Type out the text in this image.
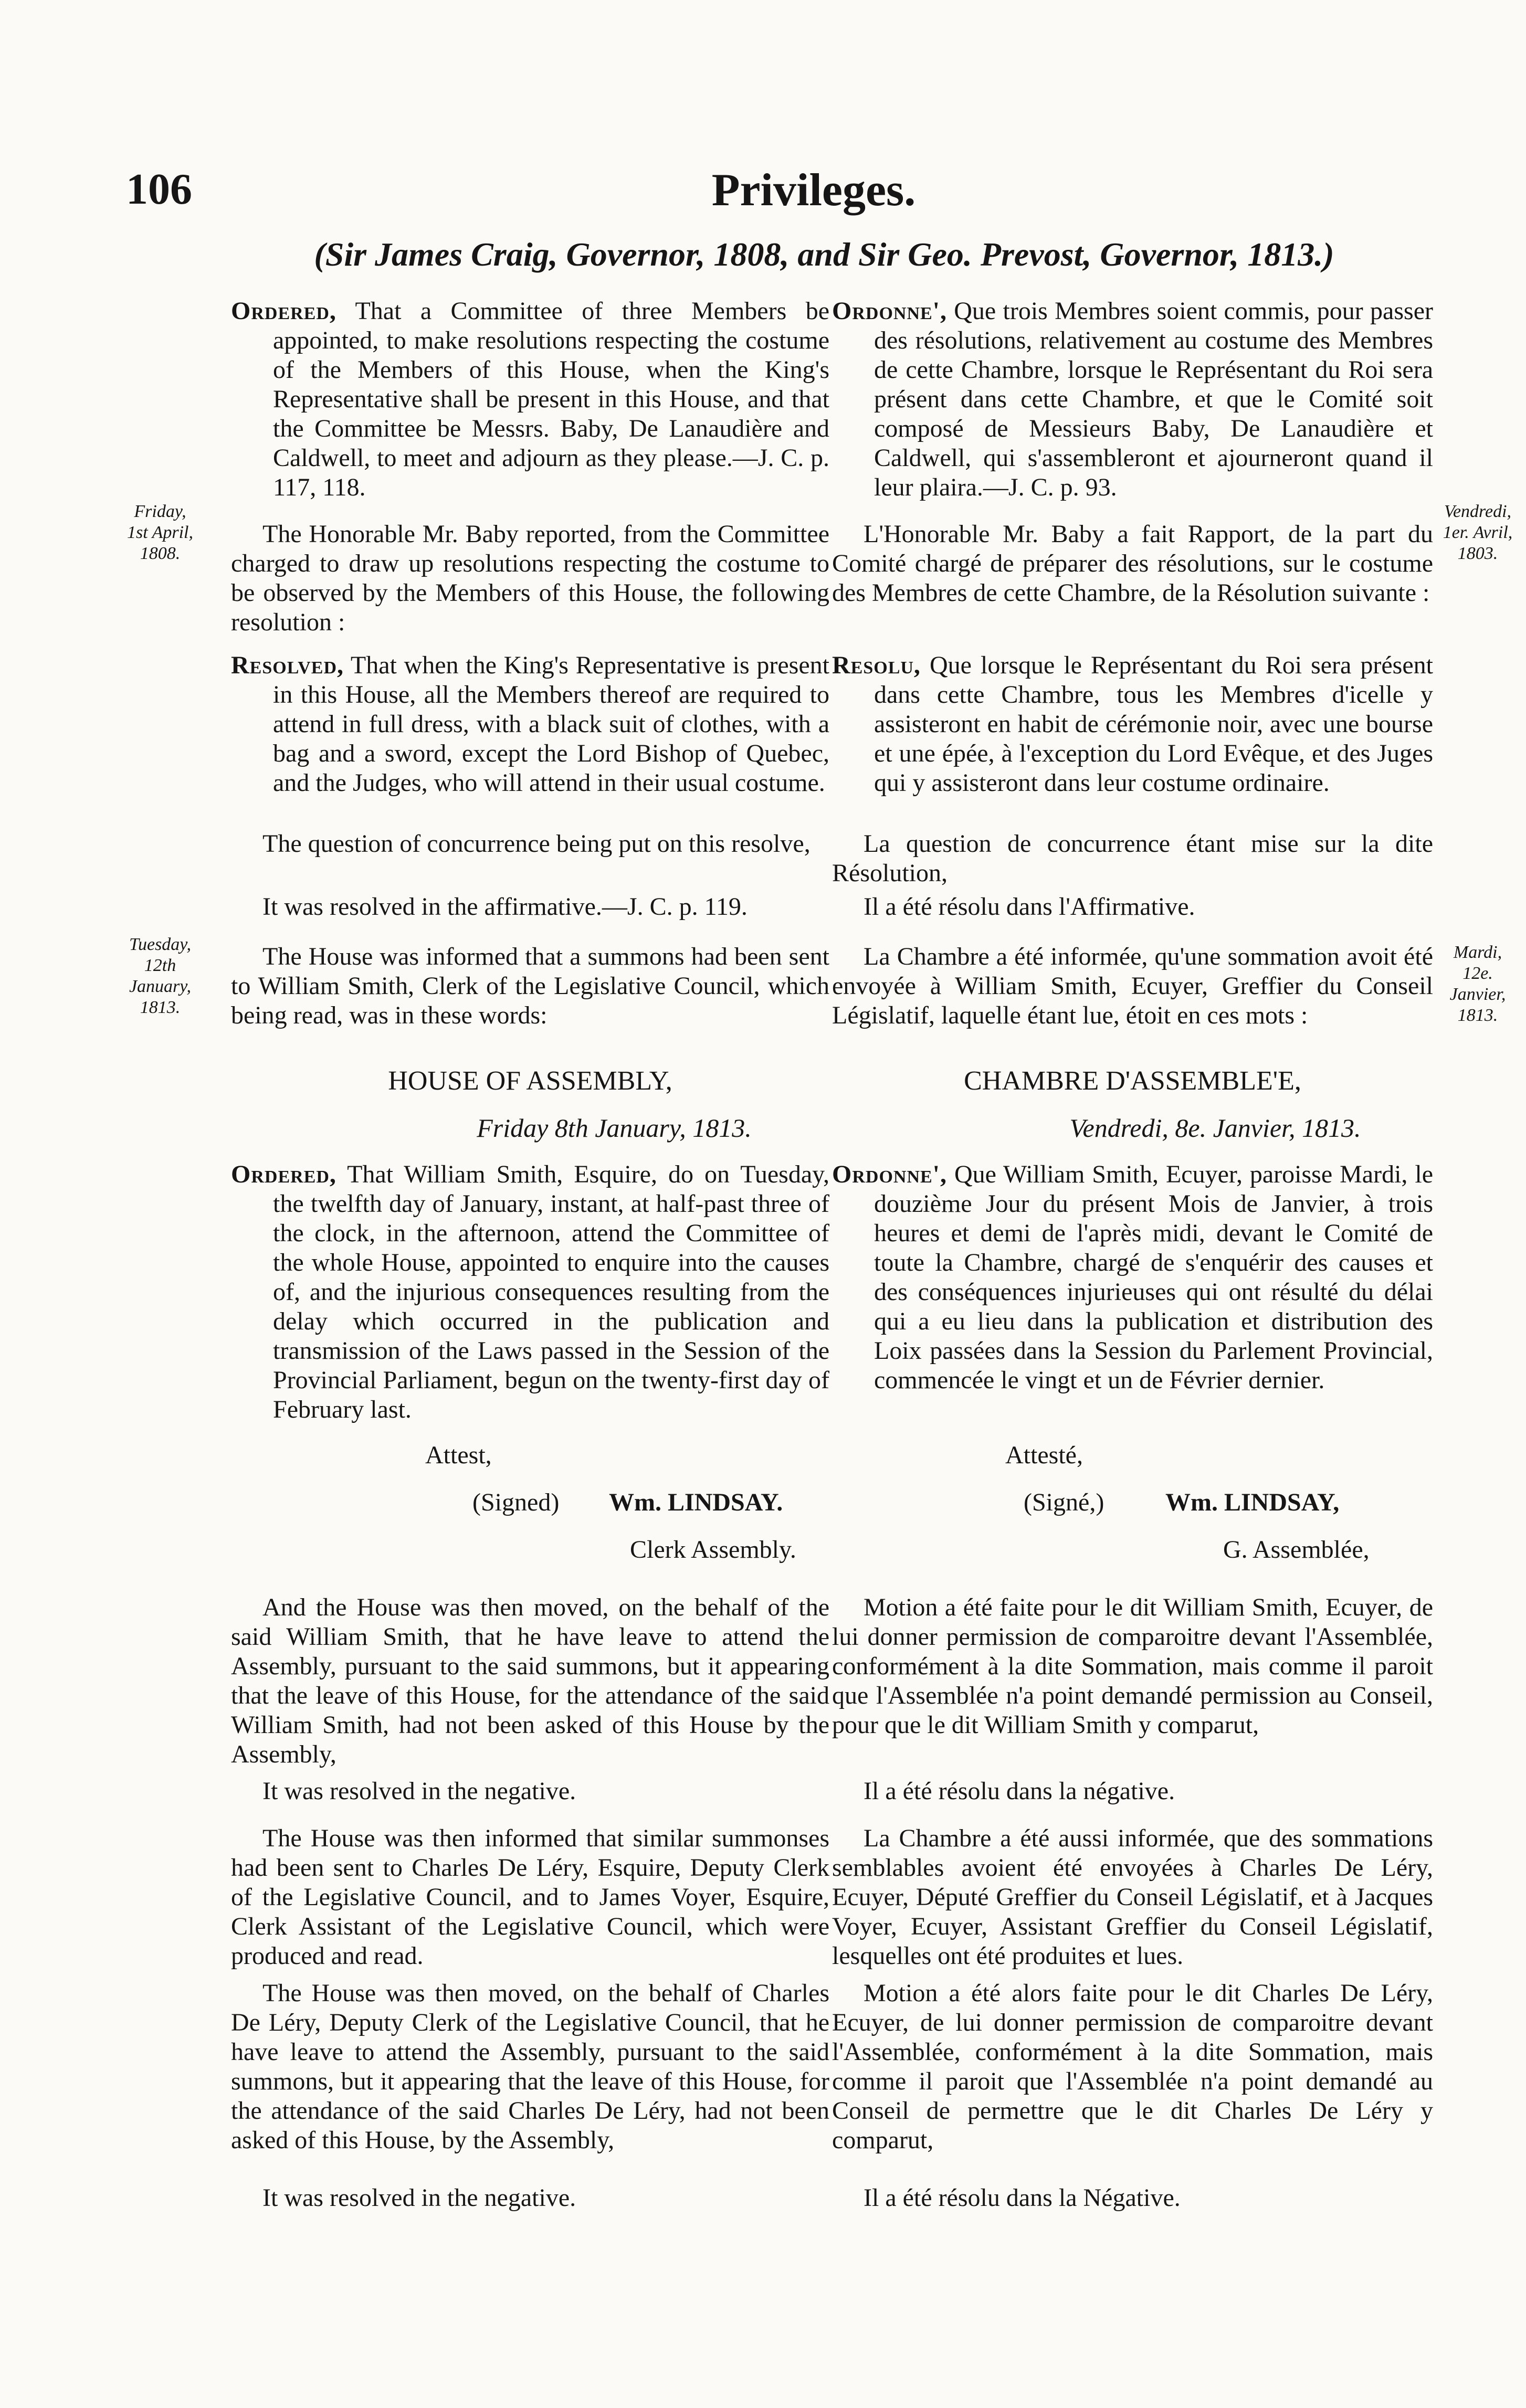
106	Privileges.
(Sir James Craig, Governor, 1808, and Sir Geo. Prevost, Governor, 1813.)
Friday, 1st April, 1808.
Vendredi, 1er. Avril, 1803.
Tuesday, 12th January, 1813.
Mardi, 12e. Janvier, 1813.

Ordered, That a Committee of three Members be appointed, to make resolutions respecting the costume of the Members of this House, when the King's Representative shall be present in this House, and that the Committee be Messrs. Baby, De Lanaudière and Caldwell, to meet and adjourn as they please.—J. C. p. 117, 118.

The Honorable Mr. Baby reported, from the Committee charged to draw up resolutions respecting the costume to be observed by the Members of this House, the following resolution :

Resolved, That when the King's Representative is present in this House, all the Members thereof are required to attend in full dress, with a black suit of clothes, with a bag and a sword, except the Lord Bishop of Quebec, and the Judges, who will attend in their usual costume.

The question of concurrence being put on this resolve,

It was resolved in the affirmative.—J. C. p. 119.

The House was informed that a summons had been sent to William Smith, Clerk of the Legislative Council, which being read, was in these words:

HOUSE OF ASSEMBLY,
Friday 8th January, 1813.

Ordered, That William Smith, Esquire, do on Tuesday, the twelfth day of January, instant, at half-past three of the clock, in the afternoon, attend the Committee of the whole House, appointed to enquire into the causes of, and the injurious consequences resulting from the delay which occurred in the publication and transmission of the Laws passed in the Session of the Provincial Parliament, begun on the twenty-first day of February last.

Attest,
(Signed)	Wm. LINDSAY.
Clerk Assembly.

And the House was then moved, on the behalf of the said William Smith, that he have leave to attend the Assembly, pursuant to the said summons, but it appearing that the leave of this House, for the attendance of the said William Smith, had not been asked of this House by the Assembly,

It was resolved in the negative.

The House was then informed that similar summonses had been sent to Charles De Léry, Esquire, Deputy Clerk of the Legislative Council, and to James Voyer, Esquire, Clerk Assistant of the Legislative Council, which were produced and read.

The House was then moved, on the behalf of Charles De Léry, Deputy Clerk of the Legislative Council, that he have leave to attend the Assembly, pursuant to the said summons, but it appearing that the leave of this House, for the attendance of the said Charles De Léry, had not been asked of this House, by the Assembly,

It was resolved in the negative.

Ordonne', Que trois Membres soient commis, pour passer des résolutions, relativement au costume des Membres de cette Chambre, lorsque le Représentant du Roi sera présent dans cette Chambre, et que le Comité soit composé de Messieurs Baby, De Lanaudière et Caldwell, qui s'assembleront et ajourneront quand il leur plaira.—J. C. p. 93.

L'Honorable Mr. Baby a fait Rapport, de la part du Comité chargé de préparer des résolutions, sur le costume des Membres de cette Chambre, de la Résolution suivante :

Resolu, Que lorsque le Représentant du Roi sera présent dans cette Chambre, tous les Membres d'icelle y assisteront en habit de cérémonie noir, avec une bourse et une épée, à l'exception du Lord Evêque, et des Juges qui y assisteront dans leur costume ordinaire.

La question de concurrence étant mise sur la dite Résolution,

Il a été résolu dans l'Affirmative.

La Chambre a été informée, qu'une sommation avoit été envoyée à William Smith, Ecuyer, Greffier du Conseil Législatif, laquelle étant lue, étoit en ces mots :

CHAMBRE D'ASSEMBLE'E,
Vendredi, 8e. Janvier, 1813.

Ordonne', Que William Smith, Ecuyer, paroisse Mardi, le douzième Jour du présent Mois de Janvier, à trois heures et demi de l'après midi, devant le Comité de toute la Chambre, chargé de s'enquérir des causes et des conséquences injurieuses qui ont résulté du délai qui a eu lieu dans la publication et distribution des Loix passées dans la Session du Parlement Provincial, commencée le vingt et un de Février dernier.

Attesté,
(Signé,) Wm. LINDSAY,
G. Assemblée,

Motion a été faite pour le dit William Smith, Ecuyer, de lui donner permission de comparoitre devant l'Assemblée, conformément à la dite Sommation, mais comme il paroit que l'Assemblée n'a point demandé permission au Conseil, pour que le dit William Smith y comparut,

Il a été résolu dans la négative.

La Chambre a été aussi informée, que des sommations semblables avoient été envoyées à Charles De Léry, Ecuyer, Député Greffier du Conseil Législatif, et à Jacques Voyer, Ecuyer, Assistant Greffier du Conseil Législatif, lesquelles ont été produites et lues.

Motion a été alors faite pour le dit Charles De Léry, Ecuyer, de lui donner permission de comparoitre devant l'Assemblée, conformément à la dite Sommation, mais comme il paroit que l'Assemblée n'a point demandé au Conseil de permettre que le dit Charles De Léry y comparut,

Il a été résolu dans la Négative.
